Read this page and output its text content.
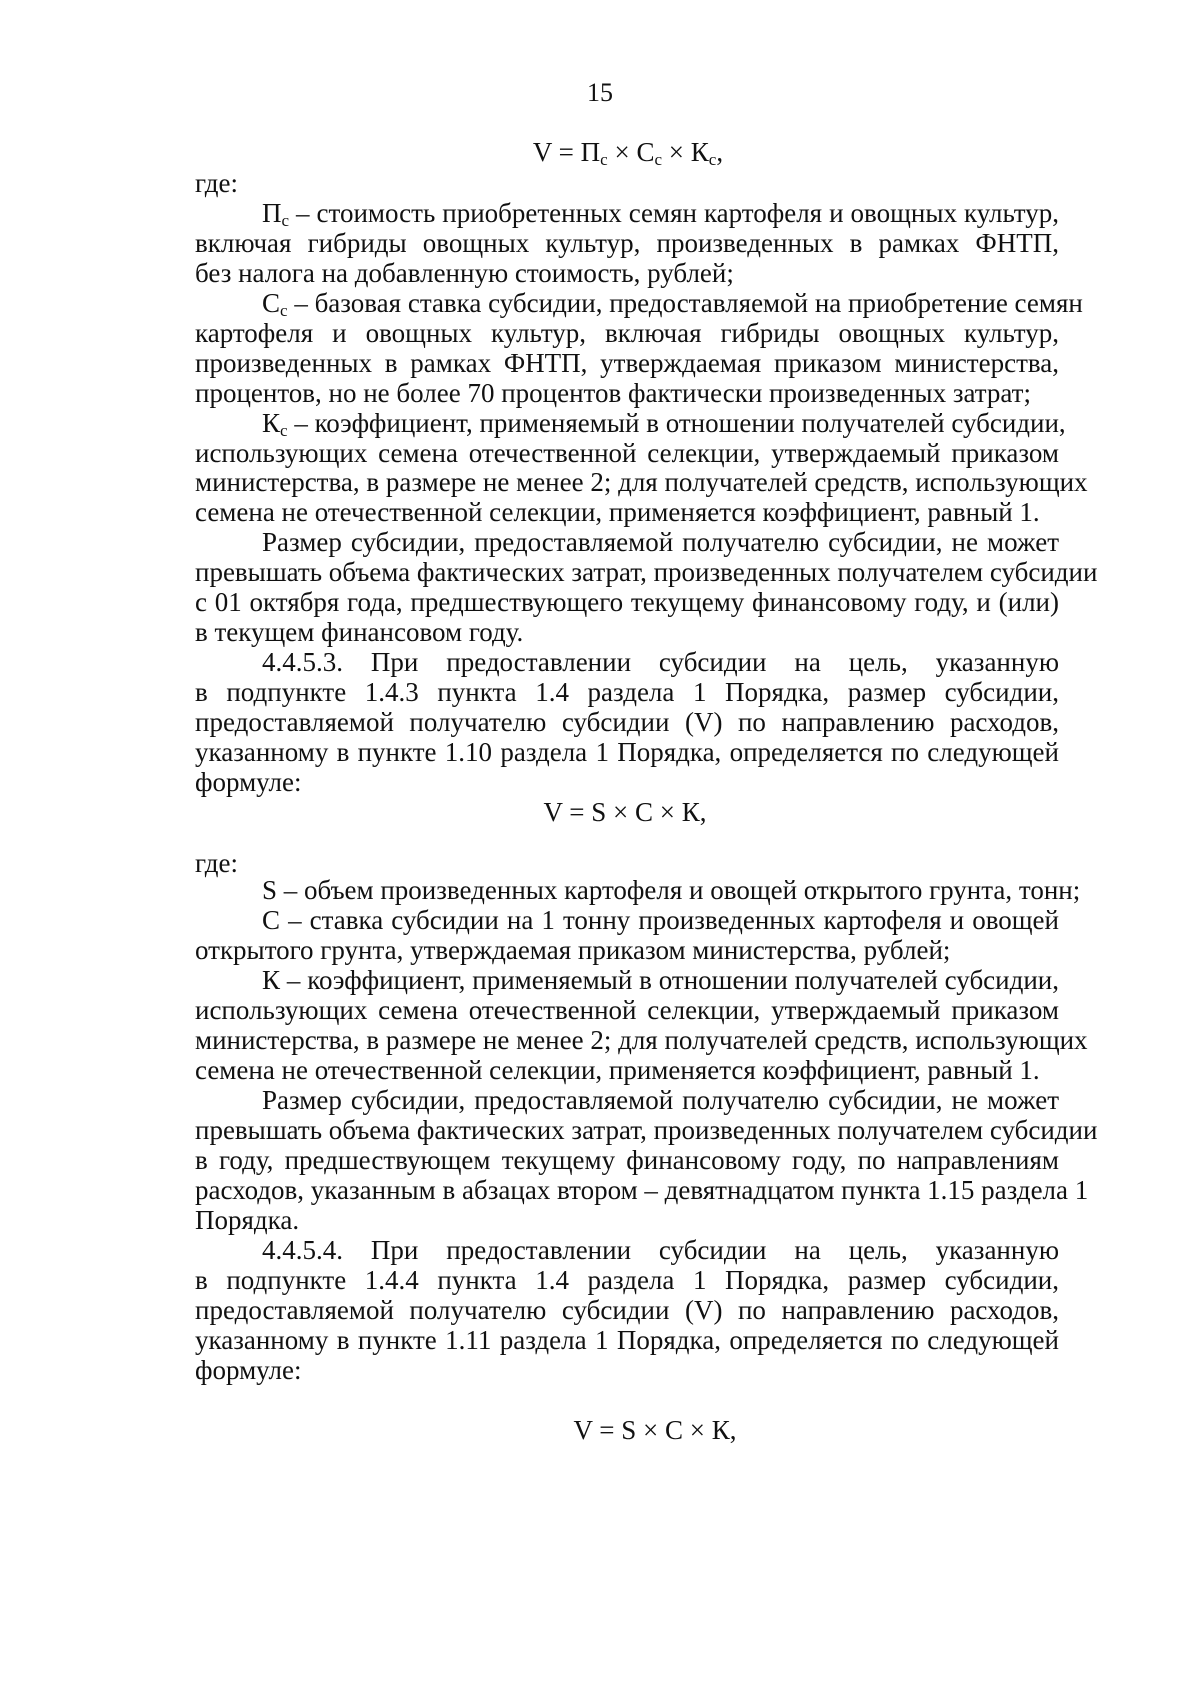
15
$V = П_с \times С_с \times К_с$,
где:
$П_с$ – стоимость приобретенных семян картофеля и овощных культур,
включая гибриды овощных культур, произведенных в рамках ФНТП,
без налога на добавленную стоимость, рублей;
$С_с$ – базовая ставка субсидии, предоставляемой на приобретение семян
картофеля и овощных культур, включая гибриды овощных культур,
произведенных в рамках ФНТП, утверждаемая приказом министерства,
процентов, но не более 70 процентов фактически произведенных затрат;
$К_с$ – коэффициент, применяемый в отношении получателей субсидии,
использующих семена отечественной селекции, утверждаемый приказом
министерства, в размере не менее 2; для получателей средств, использующих
семена не отечественной селекции, применяется коэффициент, равный 1.
Размер субсидии, предоставляемой получателю субсидии, не может
превышать объема фактических затрат, произведенных получателем субсидии
с 01 октября года, предшествующего текущему финансовому году, и (или)
в текущем финансовом году.
4.4.5.3. При предоставлении субсидии на цель, указанную
в подпункте 1.4.3 пункта 1.4 раздела 1 Порядка, размер субсидии,
предоставляемой получателю субсидии (V) по направлению расходов,
указанному в пункте 1.10 раздела 1 Порядка, определяется по следующей
формуле:
V = S × С × К,
где:
S – объем произведенных картофеля и овощей открытого грунта, тонн;
С – ставка субсидии на 1 тонну произведенных картофеля и овощей
открытого грунта, утверждаемая приказом министерства, рублей;
К – коэффициент, применяемый в отношении получателей субсидии,
использующих семена отечественной селекции, утверждаемый приказом
министерства, в размере не менее 2; для получателей средств, использующих
семена не отечественной селекции, применяется коэффициент, равный 1.
Размер субсидии, предоставляемой получателю субсидии, не может
превышать объема фактических затрат, произведенных получателем субсидии
в году, предшествующем текущему финансовому году, по направлениям
расходов, указанным в абзацах втором – девятнадцатом пункта 1.15 раздела 1
Порядка.
4.4.5.4. При предоставлении субсидии на цель, указанную
в подпункте 1.4.4 пункта 1.4 раздела 1 Порядка, размер субсидии,
предоставляемой получателю субсидии (V) по направлению расходов,
указанному в пункте 1.11 раздела 1 Порядка, определяется по следующей
формуле:
V = S × С × К,
